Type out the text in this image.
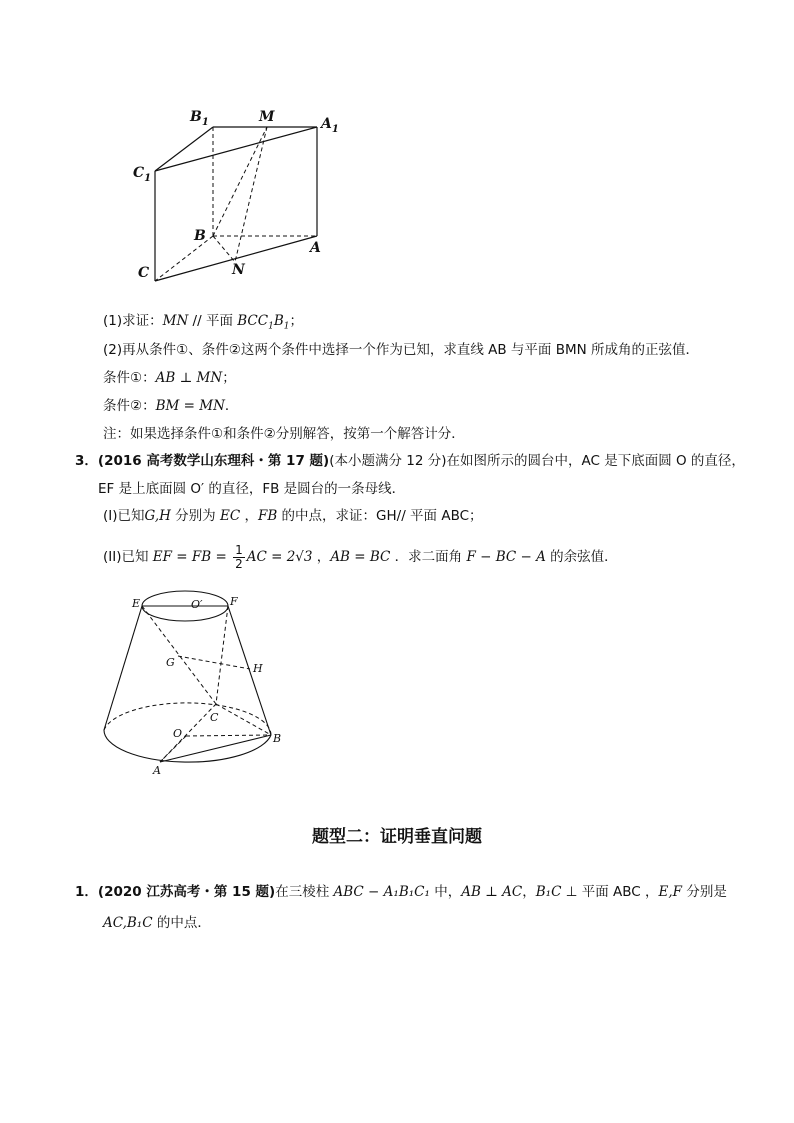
$B_1$	M	$A_1$
$C_1$
B
A
C	N
(1)求证：MN // 平面 $BCC_1B_1$；
(2)再从条件①、条件②这两个条件中选择一个作为已知，求直线 AB 与平面 BMN 所成角的正弦值．
条件①：AB ⊥ MN；
条件②：BM = MN．
注：如果选择条件①和条件②分别解答，按第一个解答计分．
3．(2016 高考数学山东理科・第 17 题)(本小题满分 12 分)在如图所示的圆台中，AC 是下底面圆 O 的直径，
EF 是上底面圆 O′ 的直径，FB 是圆台的一条母线．
(I)已知G,H 分别为 EC ，FB 的中点，求证：GH// 平面 ABC；
(II)已知 EF = FB = $\frac{1}{2}$ AC = 2√3 ，AB = BC ．求二面角 F − BC − A 的余弦值．
E	O′ F
G	H
C
O	B
A
题型二：证明垂直问题
1．(2020 江苏高考・第 15 题)在三棱柱 ABC − A₁B₁C₁ 中，AB ⊥ AC，B₁C ⊥ 平面 ABC ，E,F 分别是
AC,B₁C 的中点．
